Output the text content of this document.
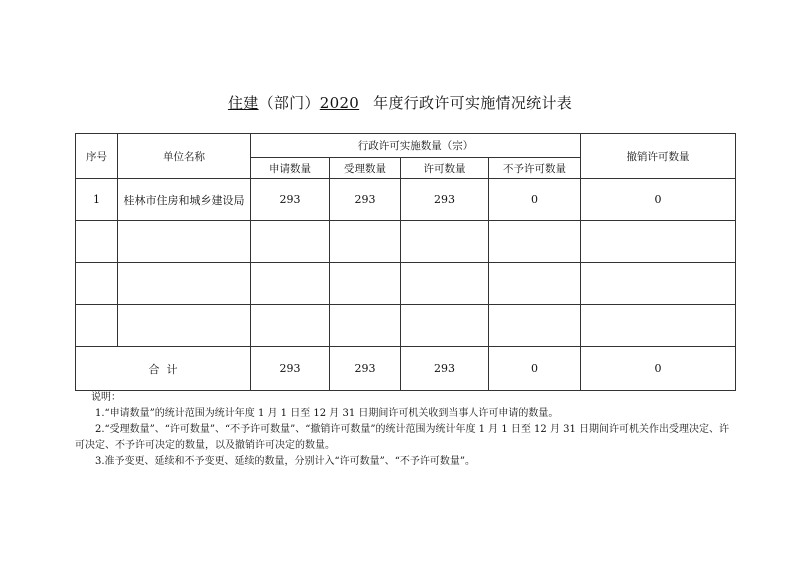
住建（部门）2020 年度行政许可实施情况统计表
序号	单位名称	行政许可实施数量（宗）				撤销许可数量
		申请数量	受理数量	许可数量	不予许可数量	
1	桂林市住房和城乡建设局	293	293	293	0	0

合  计		293	293	293	0	0

说明：

1.“申请数量”的统计范围为统计年度 1 月 1 日至 12 月 31 日期间许可机关收到当事人许可申请的数量。

2.“受理数量”、“许可数量”、“不予许可数量”、“撤销许可数量”的统计范围为统计年度 1 月 1 日至 12 月 31 日期间许可机关作出受理决定、许可决定、不予许可决定的数量，以及撤销许可决定的数量。

3.准予变更、延续和不予变更、延续的数量，分别计入“许可数量”、“不予许可数量”。
